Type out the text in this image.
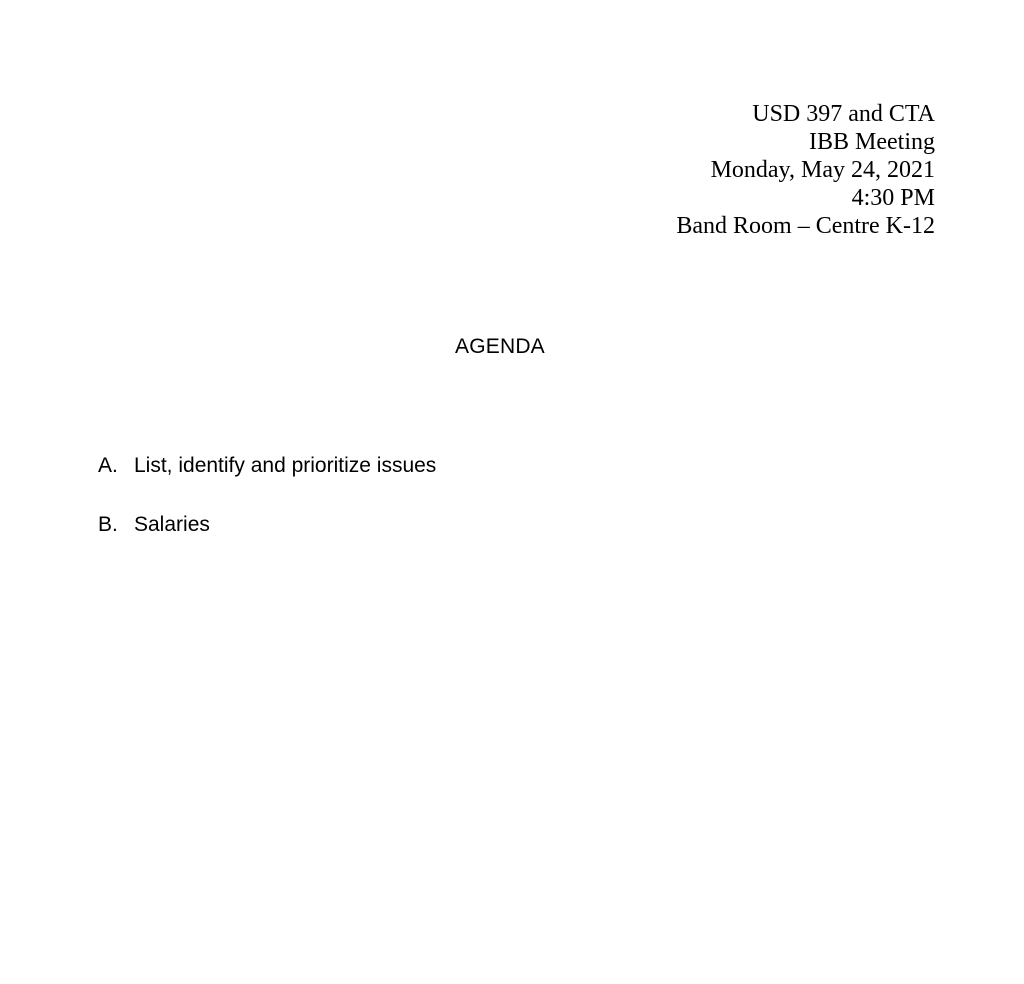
USD 397 and CTA
IBB Meeting
Monday, May 24, 2021
4:30 PM
Band Room – Centre K-12
AGENDA
A. List, identify and prioritize issues
B. Salaries
